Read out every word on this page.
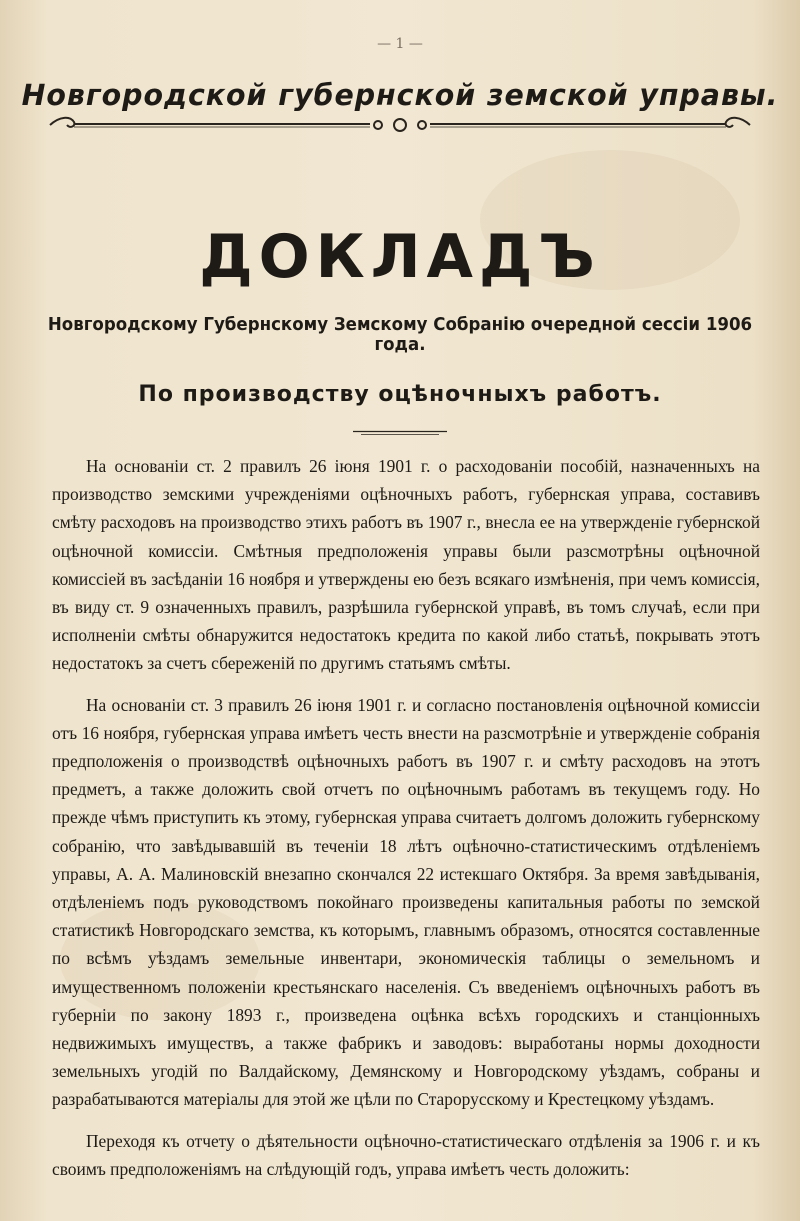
— 1 —
Новгородской губернской земской управы.
ДОКЛАДЪ
Новгородскому Губернскому Земскому Собранію очередной сессіи 1906 года.
По производству оцѣночныхъ работъ.

На основаніи ст. 2 правилъ 26 іюня 1901 г. о расходованіи пособій, назначенныхъ на производство земскими учрежденіями оцѣночныхъ работъ, губернская управа, составивъ смѣту расходовъ на производство этихъ работъ въ 1907 г., внесла ее на утвержденіе губернской оцѣночной комиссіи. Смѣтныя предположенія управы были разсмотрѣны оцѣночной комиссіей въ засѣданіи 16 ноября и утверждены ею безъ всякаго измѣненія, при чемъ комиссія, въ виду ст. 9 означенныхъ правилъ, разрѣшила губернской управѣ, въ томъ случаѣ, если при исполненіи смѣты обнаружится недостатокъ кредита по какой либо статьѣ, покрывать этотъ недостатокъ за счетъ сбереженій по другимъ статьямъ смѣты.

На основаніи ст. 3 правилъ 26 іюня 1901 г. и согласно постановленія оцѣночной комиссіи отъ 16 ноября, губернская управа имѣетъ честь внести на разсмотрѣніе и утвержденіе собранія предположенія о производствѣ оцѣночныхъ работъ въ 1907 г. и смѣту расходовъ на этотъ предметъ, а также доложить свой отчетъ по оцѣночнымъ работамъ въ текущемъ году. Но прежде чѣмъ приступить къ этому, губернская управа считаетъ долгомъ доложить губернскому собранію, что завѣдывавшій въ теченіи 18 лѣтъ оцѣночно-статистическимъ отдѣленіемъ управы, А. А. Малиновскій внезапно скончался 22 истекшаго Октября. За время завѣдыванія, отдѣленіемъ подъ руководствомъ покойнаго произведены капитальныя работы по земской статистикѣ Новгородскаго земства, къ которымъ, главнымъ образомъ, относятся составленные по всѣмъ уѣздамъ земельные инвентари, экономическія таблицы о земельномъ и имущественномъ положеніи крестьянскаго населенія. Съ введеніемъ оцѣночныхъ работъ въ губерніи по закону 1893 г., произведена оцѣнка всѣхъ городскихъ и станціонныхъ недвижимыхъ имуществъ, а также фабрикъ и заводовъ: выработаны нормы доходности земельныхъ угодій по Валдайскому, Демянскому и Новгородскому уѣздамъ, собраны и разрабатываются матеріалы для этой же цѣли по Старорусскому и Крестецкому уѣздамъ.

Переходя къ отчету о дѣятельности оцѣночно-статистическаго отдѣленія за 1906 г. и къ своимъ предположеніямъ на слѣдующій годъ, управа имѣетъ честь доложить:
